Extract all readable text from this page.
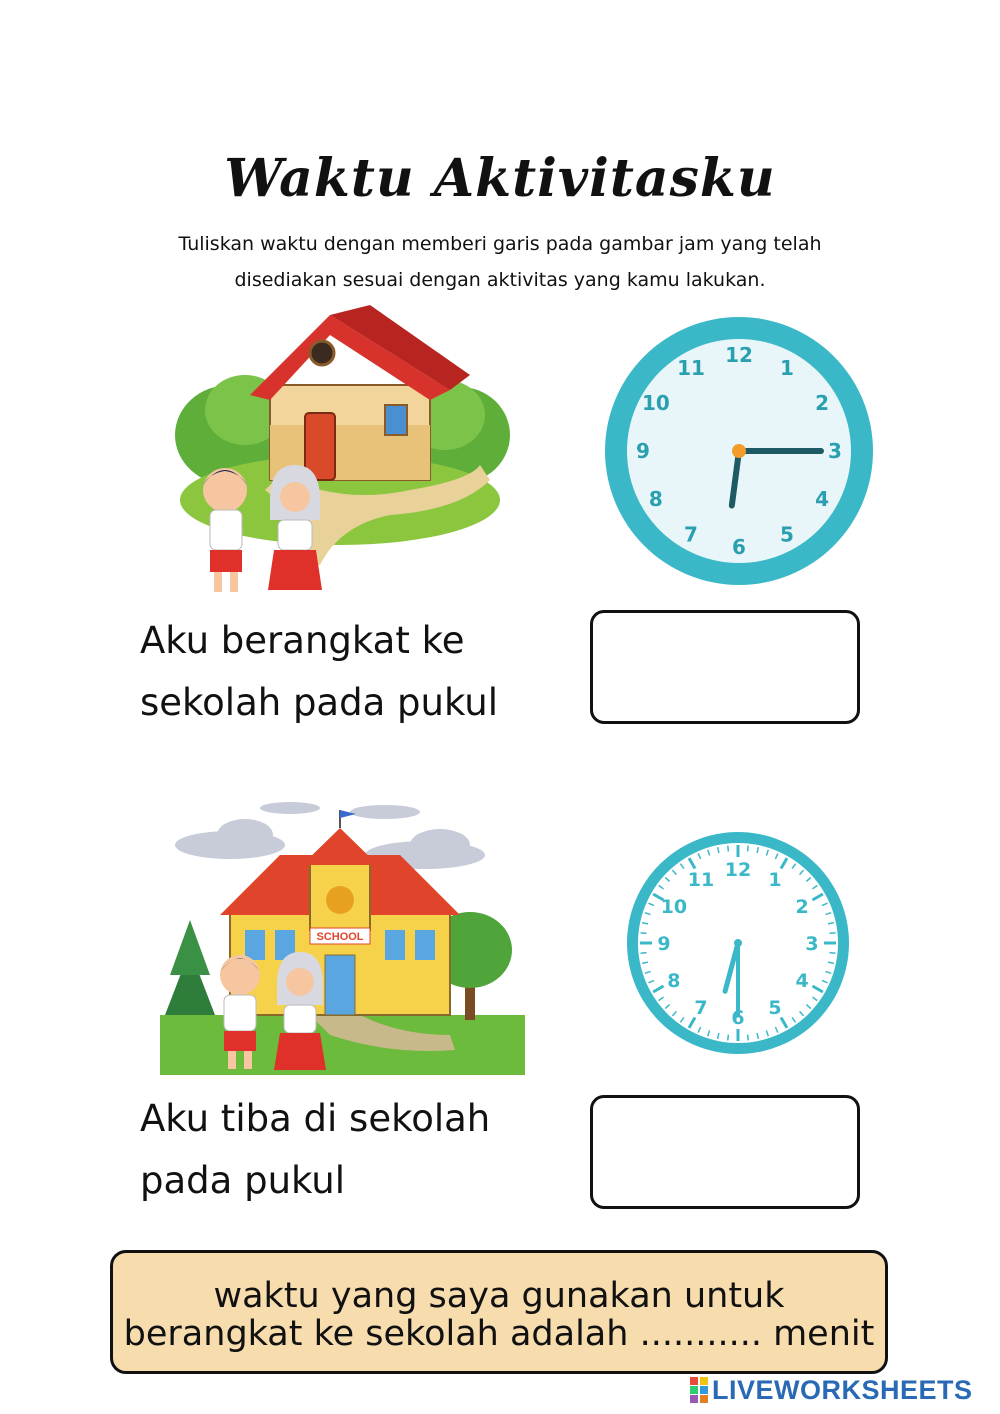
Waktu Aktivitasku
Tuliskan waktu dengan memberi garis pada gambar jam yang telah
disediakan sesuai dengan aktivitas yang kamu lakukan.
12
1
2
3
4
5
6
7
8
9
10
11
Aku berangkat ke
sekolah pada pukul
SCHOOL
12 1
2
3
4
5
6
7
8
9
10
11
Aku tiba di sekolah
pada pukul
waktu yang saya gunakan untuk
berangkat ke sekolah adalah ........... menit
LIVEWORKSHEETS
